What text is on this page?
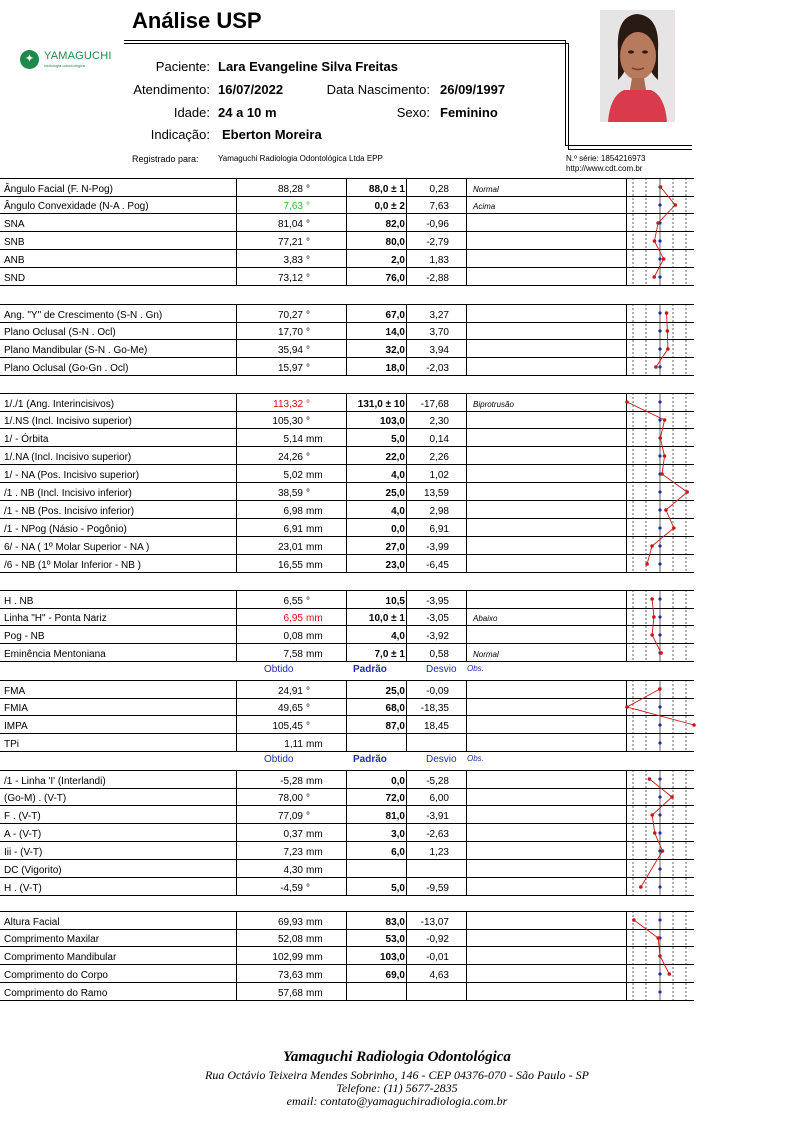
Análise USP
✦ YAMAGUCHI
radiologia odontológica	Paciente: Lara Evangeline Silva Freitas
Atendimento: 16/07/2022	Data Nascimento: 26/09/1997
Idade: 24 a 10 m	Sexo: Feminino
Indicação: Eberton Moreira
Registrado para: Yamaguchi Radiologia Odontológica Ltda EPP	N.º série: 1854216973
http://www.cdt.com.br
Ângulo Facial (F. N-Pog)	88,28 °	88,0 ± 1	0,28	Normal
Ângulo Convexidade (N-A . Pog)	7,63 °	0,0 ± 2	7,63	Acima
SNA	81,04 °	82,0	-0,96
SNB	77,21 °	80,0	-2,79
ANB	3,83 °	2,0	1,83
SND	73,12 °	76,0	-2,88
Ang. "Y" de Crescimento (S-N . Gn)	70,27 °	67,0	3,27
Plano Oclusal (S-N . Ocl)	17,70 °	14,0	3,70
Plano Mandibular (S-N . Go-Me)	35,94 °	32,0	3,94
Plano Oclusal (Go-Gn . Ocl)	15,97 °	18,0	-2,03
1/./1 (Ang. Interincisivos)	113,32 °	131,0 ± 10	-17,68	Biprotrusão
1/.NS (Incl. Incisivo superior)	105,30 °	103,0	2,30
1/ - Órbita	5,14 mm	5,0	0,14
1/.NA (Incl. Incisivo superior)	24,26 °	22,0	2,26
1/ - NA (Pos. Incisivo superior)	5,02 mm	4,0	1,02
/1 . NB (Incl. Incisivo inferior)	38,59 °	25,0	13,59
/1 - NB (Pos. Incisivo inferior)	6,98 mm	4,0	2,98
/1 - NPog (Násio - Pogônio)	6,91 mm	0,0	6,91
6/ - NA ( 1º Molar Superior - NA )	23,01 mm	27,0	-3,99
/6 - NB (1º Molar Inferior - NB )	16,55 mm	23,0	-6,45
H . NB	6,55 °	10,5	-3,95
Linha "H" - Ponta Nariz	6,95 mm	10,0 ± 1	-3,05	Abaixo
Pog - NB	0,08 mm	4,0	-3,92
Eminência Mentoniana	7,58 mm	7,0 ± 1	0,58	Normal
Obtido	Padrão	Desvio Obs.
FMA	24,91 °	25,0	-0,09
FMIA	49,65 °	68,0	-18,35
IMPA	105,45 °	87,0	18,45
TPi	1,11 mm
Obtido	Padrão	Desvio Obs.
/1 - Linha 'I' (Interlandi)	-5,28 mm	0,0	-5,28
(Go-M) . (V-T)	78,00 °	72,0	6,00
F . (V-T)	77,09 °	81,0	-3,91
A - (V-T)	0,37 mm	3,0	-2,63
Iii - (V-T)	7,23 mm	6,0	1,23
DC (Vigorito)	4,30 mm
H . (V-T)	-4,59 °	5,0	-9,59
Altura Facial	69,93 mm	83,0	-13,07
Comprimento Maxilar	52,08 mm	53,0	-0,92
Comprimento Mandibular	102,99 mm	103,0	-0,01
Comprimento do Corpo	73,63 mm	69,0	4,63
Comprimento do Ramo	57,68 mm
Yamaguchi Radiologia Odontológica
Rua Octávio Teixeira Mendes Sobrinho, 146 - CEP 04376-070 - São Paulo - SP
Telefone: (11) 5677-2835
email: contato@yamaguchiradiologia.com.br
